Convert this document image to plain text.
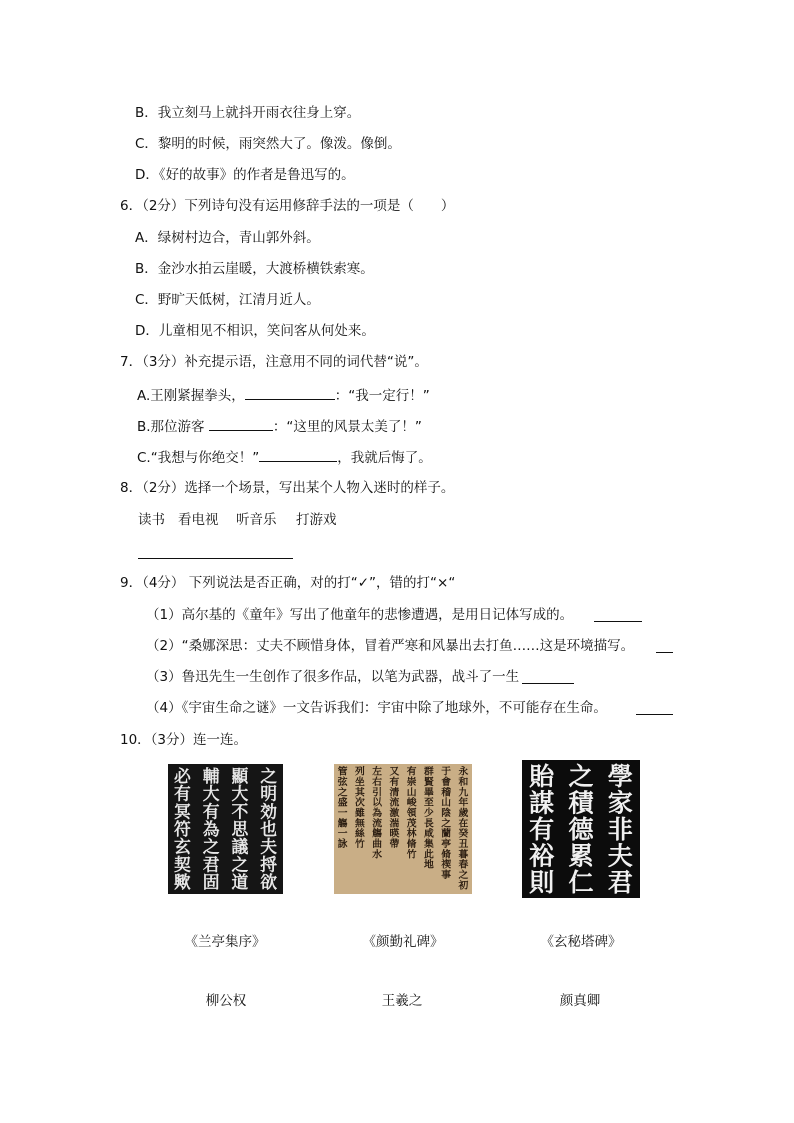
B．我立刻马上就抖开雨衣往身上穿。
C．黎明的时候，雨突然大了。像泼。像倒。
D．《好的故事》的作者是鲁迅写的。
6．（2分）下列诗句没有运用修辞手法的一项是（　　）
A．绿树村边合，青山郭外斜。
B．金沙水拍云崖暖，大渡桥横铁索寒。
C．野旷天低树，江清月近人。
D．儿童相见不相识，笑问客从何处来。
7．（3分）补充提示语，注意用不同的词代替“说”。
A.王刚紧握拳头，	：“我一定行！”
B.那位游客	：“这里的风景太美了！”
C.“我想与你绝交！”	，我就后悔了。
8．（2分）选择一个场景，写出某个人物入迷时的样子。
读书 看电视 听音乐 打游戏
9．（4分） 下列说法是否正确，对的打“✓”，错的打“×“
（1）高尔基的《童年》写出了他童年的悲惨遭遇，是用日记体写成的。
（2）“桑娜深思：丈夫不顾惜身体，冒着严寒和风暴出去打鱼……这是环境描写。
（3）鲁迅先生一生创作了很多作品，以笔为武器，战斗了一生
（4）《宇宙生命之谜》一文告诉我们：宇宙中除了地球外，不可能存在生命。
10．（3分）连一连。
之
明
効
也
夫
捋
欲
顯
大
不
思
議
之
道
輔
大
有
為
之
君
固
必
有
冥
符
玄
契
歟
永
和
九
年
歲
在
癸
丑
暮
春
之
初
于
會
稽
山
陰
之
蘭
亭
脩
禊
事
群
賢
畢
至
少
長
咸
集
此
地
有
崇
山
峻
領
茂
林
脩
竹
又
有
清
流
激
湍
暎
帶
左
右
引
以
為
流
觴
曲
水
列
坐
其
次
雖
無
絲
竹
管
弦
之
盛
一
觴
一
詠
學
家
非
夫
君
之
積
德
累
仁
貽
謀
有
裕
則
《兰亭集序》	《颜勤礼碑》	《玄秘塔碑》
柳公权	王羲之	颜真卿
